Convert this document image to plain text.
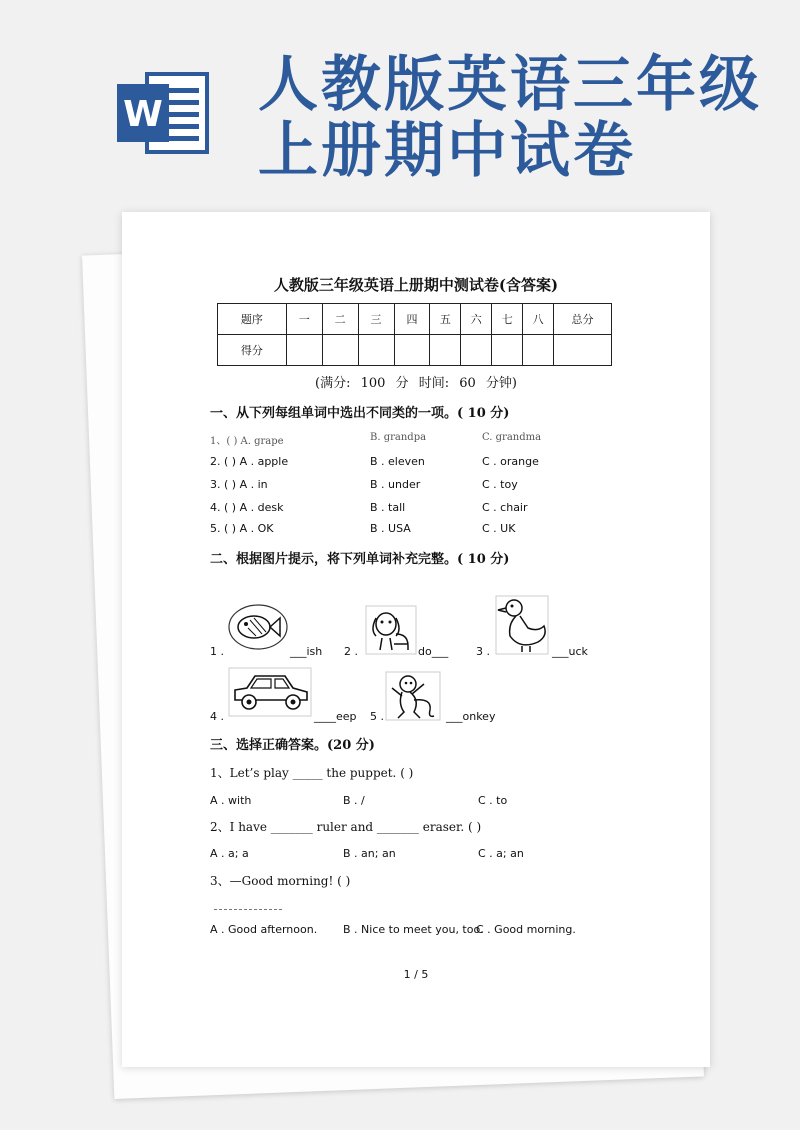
W 人教版英语三年级
上册期中试卷
人教版三年级英语上册期中测试卷(含答案)
题序	一	二	三	四	五	六	七	八	总分
得分									
(满分: 100 分 时间: 60 分钟)
一、从下列每组单词中选出不同类的一项。( 10 分)
1、( ) A. grape	B. grandpa	C. grandma
2. ( ) A . apple	B . eleven	C . orange
3. ( ) A . in	B . under	C . toy
4. ( ) A . desk	B . tall	C . chair
5. ( ) A . OK	B . USA	C . UK
二、根据图片提示，将下列单词补充完整。( 10 分)
1 .	___ish 2 .	do___	3 .	___uck
4 .	____eep 5 .	___onkey
三、选择正确答案。(20 分)
1、Let’s play _____ the puppet. ( )
A . with	B . /	C . to
2、I have _______ ruler and _______ eraser. ( )
A . a; a	B . an; an	C . a; an
3、—Good morning! ( )
A . Good afternoon. B . Nice to meet you, too.
C . Good morning.
1 / 5
